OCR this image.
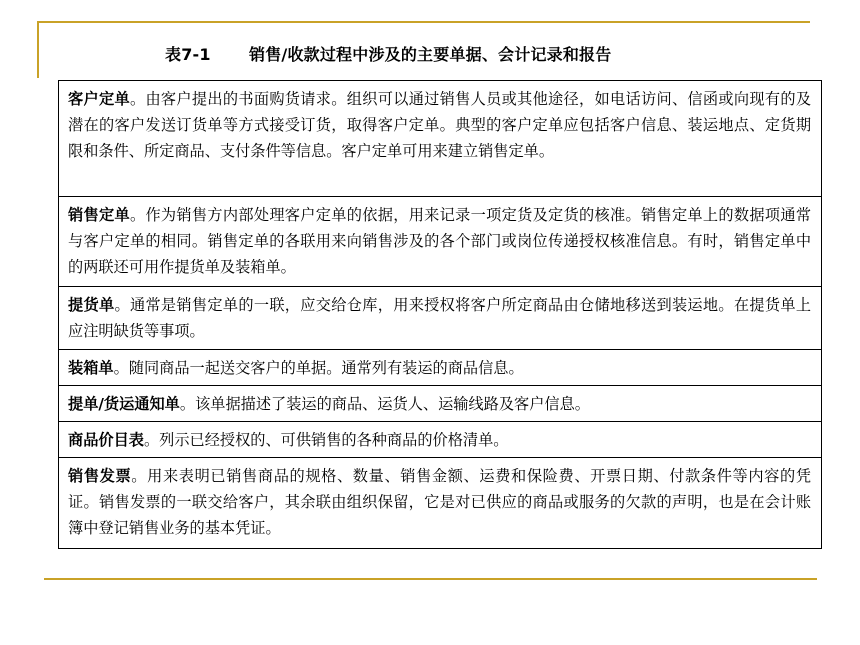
表7-1 销售/收款过程中涉及的主要单据、会计记录和报告
客户定单。由客户提出的书面购货请求。组织可以通过销售人员或其他途径，如电话访问、信函或向现有的及潜在的客户发送订货单等方式接受订货，取得客户定单。典型的客户定单应包括客户信息、装运地点、定货期限和条件、所定商品、支付条件等信息。客户定单可用来建立销售定单。
销售定单。作为销售方内部处理客户定单的依据，用来记录一项定货及定货的核准。销售定单上的数据项通常与客户定单的相同。销售定单的各联用来向销售涉及的各个部门或岗位传递授权核准信息。有时，销售定单中的两联还可用作提货单及装箱单。
提货单。通常是销售定单的一联，应交给仓库，用来授权将客户所定商品由仓储地移送到装运地。在提货单上应注明缺货等事项。
装箱单。随同商品一起送交客户的单据。通常列有装运的商品信息。
提单/货运通知单。该单据描述了装运的商品、运货人、运输线路及客户信息。
商品价目表。列示已经授权的、可供销售的各种商品的价格清单。
销售发票。用来表明已销售商品的规格、数量、销售金额、运费和保险费、开票日期、付款条件等内容的凭证。销售发票的一联交给客户，其余联由组织保留，它是对已供应的商品或服务的欠款的声明，也是在会计账簿中登记销售业务的基本凭证。
